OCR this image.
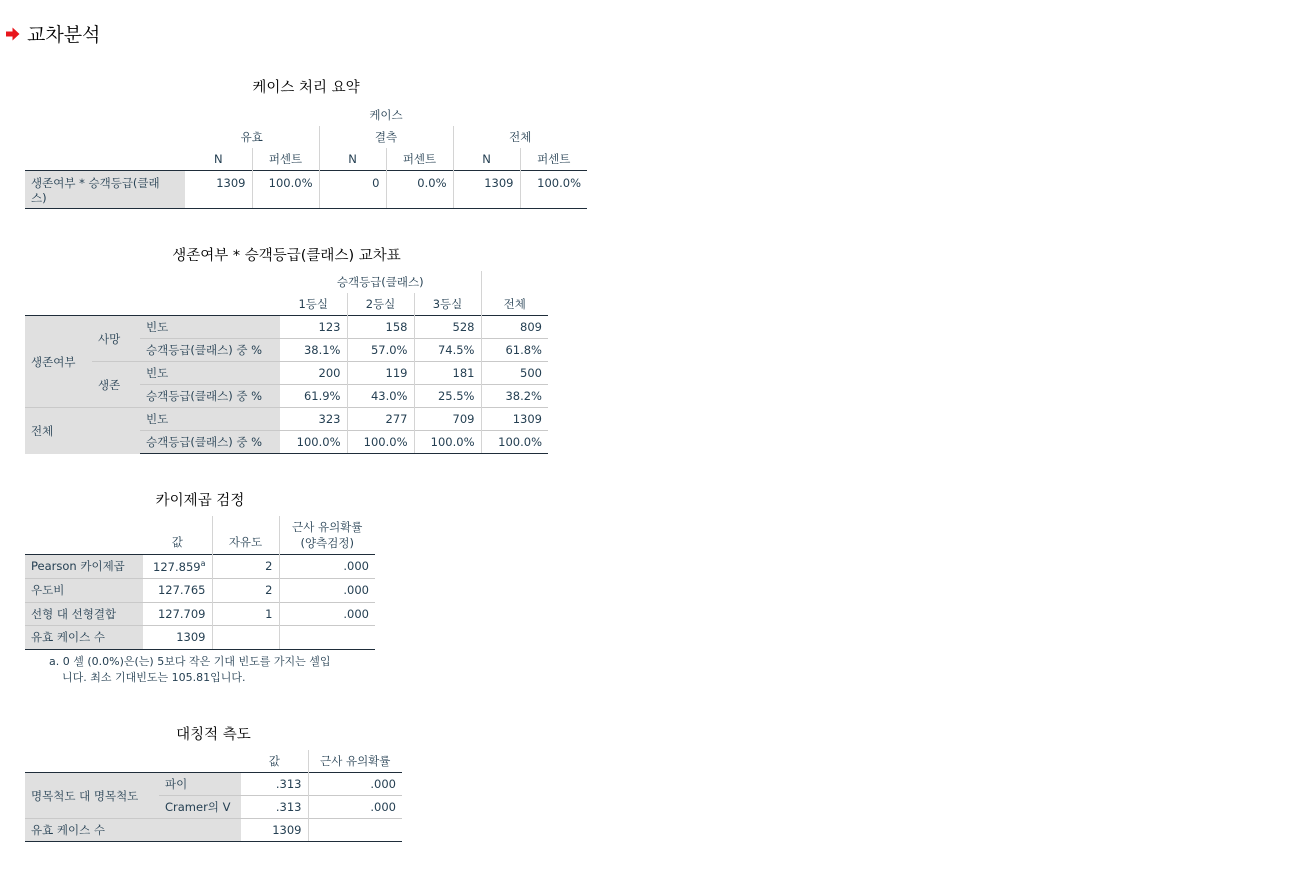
교차분석
케이스 처리 요약
	케이스					
	유효		결측		전체	
	N	퍼센트	N	퍼센트	N	퍼센트

생존여부 * 승객등급(클래
스)	1309	100.0%	0	0.0%	1309	100.0%
생존여부 * 승객등급(클래스) 교차표
			승객등급(클래스)			
			1등실	2등실	3등실	전체
생존여부	사망	빈도	123	158	528	809
		승객등급(클래스) 중 %	38.1%	57.0%	74.5%	61.8%
	생존	빈도	200	119	181	500
		승객등급(클래스) 중 %	61.9%	43.0%	25.5%	38.2%
전체		빈도	323	277	709	1309
		승객등급(클래스) 중 %	100.0%	100.0%	100.0%	100.0%
카이제곱 검정
	값	자유도	근사 유의확률
(양측검정)

Pearson 카이제곱	127.859$^a$	2	.000
우도비	127.765	2	.000
선형 대 선형결합	127.709	1	.000
유효 케이스 수	1309		
a. 0 셀 (0.0%)은(는) 5보다 작은 기대 빈도를 가지는 셀입
니다. 최소 기대빈도는 105.81입니다.
대칭적 측도
		값	근사 유의확률
명목척도 대 명목척도	파이	.313	.000
	Cramer의 V	.313	.000
유효 케이스 수		1309	
